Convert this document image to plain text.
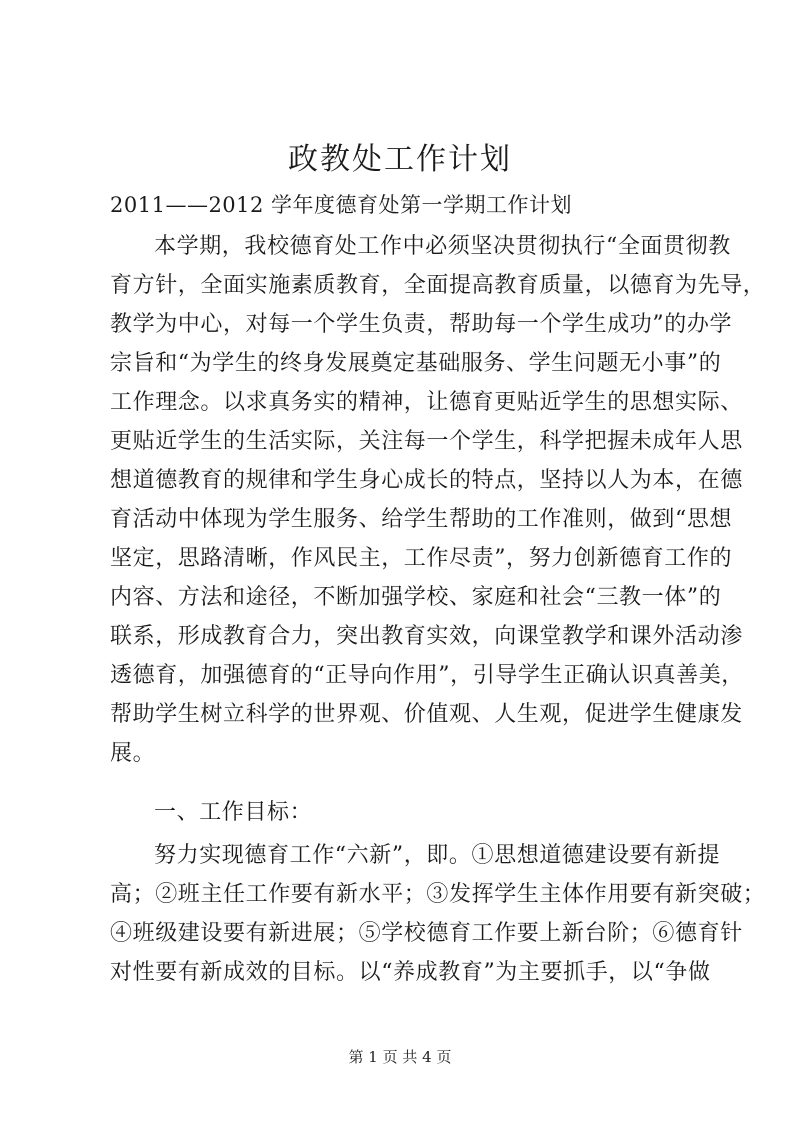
政教处工作计划
2011——2012 学年度德育处第一学期工作计划
本学期，我校德育处工作中必须坚决贯彻执行“全面贯彻教
育方针，全面实施素质教育，全面提高教育质量，以德育为先导，
教学为中心，对每一个学生负责，帮助每一个学生成功”的办学
宗旨和“为学生的终身发展奠定基础服务、学生问题无小事”的
工作理念。以求真务实的精神，让德育更贴近学生的思想实际、
更贴近学生的生活实际，关注每一个学生，科学把握未成年人思
想道德教育的规律和学生身心成长的特点，坚持以人为本，在德
育活动中体现为学生服务、给学生帮助的工作准则，做到“思想
坚定，思路清晰，作风民主，工作尽责”，努力创新德育工作的
内容、方法和途径，不断加强学校、家庭和社会“三教一体”的
联系，形成教育合力，突出教育实效，向课堂教学和课外活动渗
透德育，加强德育的“正导向作用”，引导学生正确认识真善美，
帮助学生树立科学的世界观、价值观、人生观，促进学生健康发
展。
一、工作目标：
努力实现德育工作“六新”，即。①思想道德建设要有新提
高；②班主任工作要有新水平；③发挥学生主体作用要有新突破；
④班级建设要有新进展；⑤学校德育工作要上新台阶；⑥德育针
对性要有新成效的目标。以“养成教育”为主要抓手，以“争做
第 1 页 共 4 页
